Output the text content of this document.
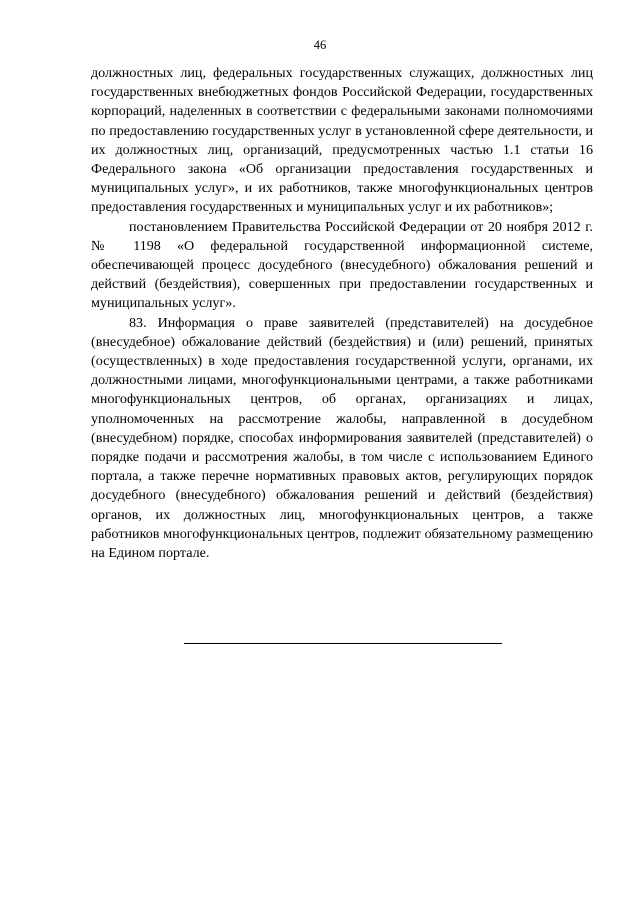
46

должностных лиц, федеральных государственных служащих, должностных лиц государственных внебюджетных фондов Российской Федерации, государственных корпораций, наделенных в соответствии с федеральными законами полномочиями по предоставлению государственных услуг в установленной сфере деятельности, и их должностных лиц, организаций, предусмотренных частью 1.1 статьи 16 Федерального закона «Об организации предоставления государственных и муниципальных услуг», и их работников, также многофункциональных центров предоставления государственных и муниципальных услуг и их работников»;

постановлением Правительства Российской Федерации от 20 ноября 2012 г. № 1198 «О федеральной государственной информационной системе, обеспечивающей процесс досудебного (внесудебного) обжалования решений и действий (бездействия), совершенных при предоставлении государственных и муниципальных услуг».

83. Информация о праве заявителей (представителей) на досудебное (внесудебное) обжалование действий (бездействия) и (или) решений, принятых (осуществленных) в ходе предоставления государственной услуги, органами, их должностными лицами, многофункциональными центрами, а также работниками многофункциональных центров, об органах, организациях и лицах, уполномоченных на рассмотрение жалобы, направленной в досудебном (внесудебном) порядке, способах информирования заявителей (представителей) о порядке подачи и рассмотрения жалобы, в том числе с использованием Единого портала, а также перечне нормативных правовых актов, регулирующих порядок досудебного (внесудебного) обжалования решений и действий (бездействия) органов, их должностных лиц, многофункциональных центров, а также работников многофункциональных центров, подлежит обязательному размещению на Едином портале.
